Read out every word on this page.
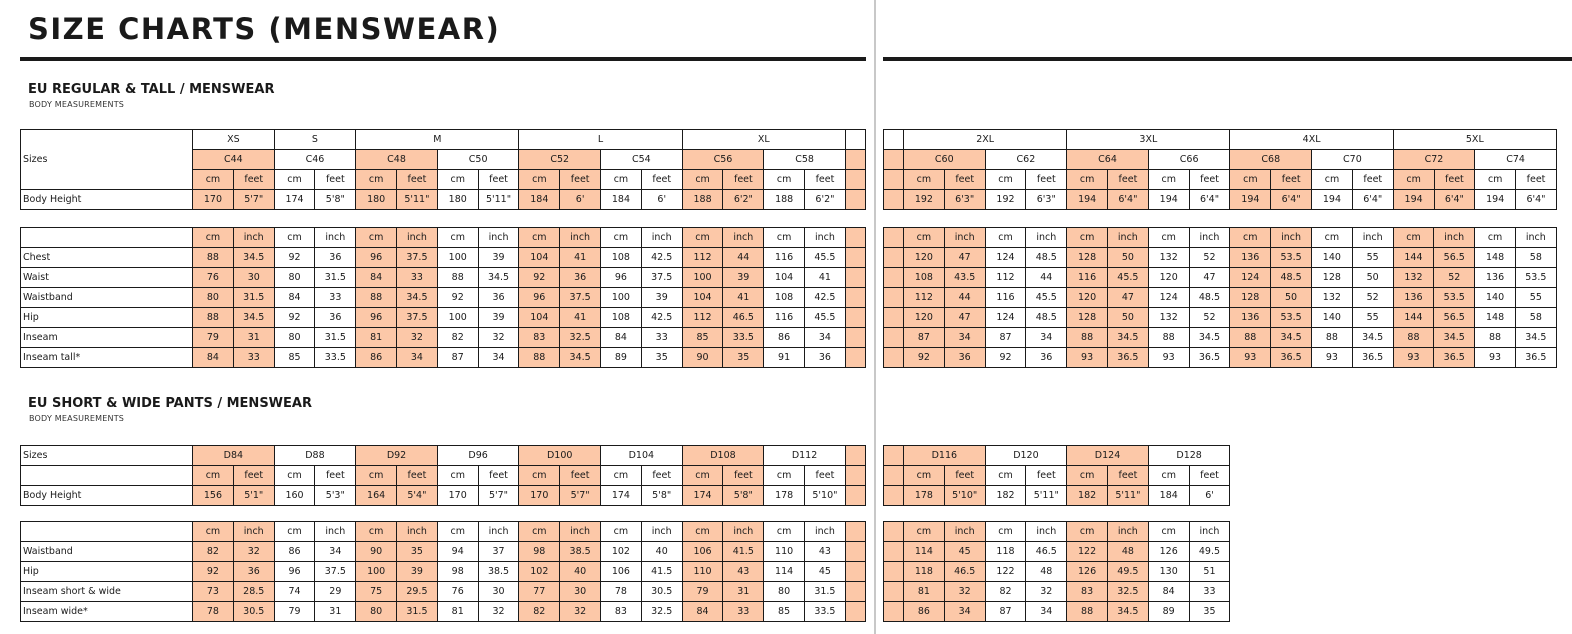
SIZE CHARTS (MENSWEAR)
EU REGULAR & TALL / MENSWEAR

BODY MEASUREMENTS

EU SHORT & WIDE PANTS / MENSWEAR

BODY MEASUREMENTS

Sizes	XS		S		M				L				XL				
	C44		C46		C48		C50		C52		C54		C56		C58		
	cm	feet	cm	feet	cm	feet	cm	feet	cm	feet	cm	feet	cm	feet	cm	feet	
Body Height	170	5'7"	174	5'8"	180	5'11"	180	5'11"	184	6'	184	6'	188	6'2"	188	6'2"	
	cm	inch	cm	inch	cm	inch	cm	inch	cm	inch	cm	inch	cm	inch	cm	inch	
Chest	88	34.5	92	36	96	37.5	100	39	104	41	108	42.5	112	44	116	45.5	
Waist	76	30	80	31.5	84	33	88	34.5	92	36	96	37.5	100	39	104	41	
Waistband	80	31.5	84	33	88	34.5	92	36	96	37.5	100	39	104	41	108	42.5	
Hip	88	34.5	92	36	96	37.5	100	39	104	41	108	42.5	112	46.5	116	45.5	
Inseam	79	31	80	31.5	81	32	82	32	83	32.5	84	33	85	33.5	86	34	
Inseam tall*	84	33	85	33.5	86	34	87	34	88	34.5	89	35	90	35	91	36	
	2XL				3XL				4XL				5XL			
	C60		C62		C64		C66		C68		C70		C72		C74	
	cm	feet	cm	feet	cm	feet	cm	feet	cm	feet	cm	feet	cm	feet	cm	feet
	192	6'3"	192	6'3"	194	6'4"	194	6'4"	194	6'4"	194	6'4"	194	6'4"	194	6'4"
	cm	inch	cm	inch	cm	inch	cm	inch	cm	inch	cm	inch	cm	inch	cm	inch
	120	47	124	48.5	128	50	132	52	136	53.5	140	55	144	56.5	148	58
	108	43.5	112	44	116	45.5	120	47	124	48.5	128	50	132	52	136	53.5
	112	44	116	45.5	120	47	124	48.5	128	50	132	52	136	53.5	140	55
	120	47	124	48.5	128	50	132	52	136	53.5	140	55	144	56.5	148	58
	87	34	87	34	88	34.5	88	34.5	88	34.5	88	34.5	88	34.5	88	34.5
	92	36	92	36	93	36.5	93	36.5	93	36.5	93	36.5	93	36.5	93	36.5
Sizes	D84		D88		D92		D96		D100		D104		D108		D112		
	cm	feet	cm	feet	cm	feet	cm	feet	cm	feet	cm	feet	cm	feet	cm	feet	
Body Height	156	5'1"	160	5'3"	164	5'4"	170	5'7"	170	5'7"	174	5'8"	174	5'8"	178	5'10"	
	cm	inch	cm	inch	cm	inch	cm	inch	cm	inch	cm	inch	cm	inch	cm	inch	
Waistband	82	32	86	34	90	35	94	37	98	38.5	102	40	106	41.5	110	43	
Hip	92	36	96	37.5	100	39	98	38.5	102	40	106	41.5	110	43	114	45	
Inseam short & wide	73	28.5	74	29	75	29.5	76	30	77	30	78	30.5	79	31	80	31.5	
Inseam wide*	78	30.5	79	31	80	31.5	81	32	82	32	83	32.5	84	33	85	33.5	
	D116		D120		D124		D128	
	cm	feet	cm	feet	cm	feet	cm	feet
	178	5'10"	182	5'11"	182	5'11"	184	6'
	cm	inch	cm	inch	cm	inch	cm	inch
	114	45	118	46.5	122	48	126	49.5
	118	46.5	122	48	126	49.5	130	51
	81	32	82	32	83	32.5	84	33
	86	34	87	34	88	34.5	89	35
